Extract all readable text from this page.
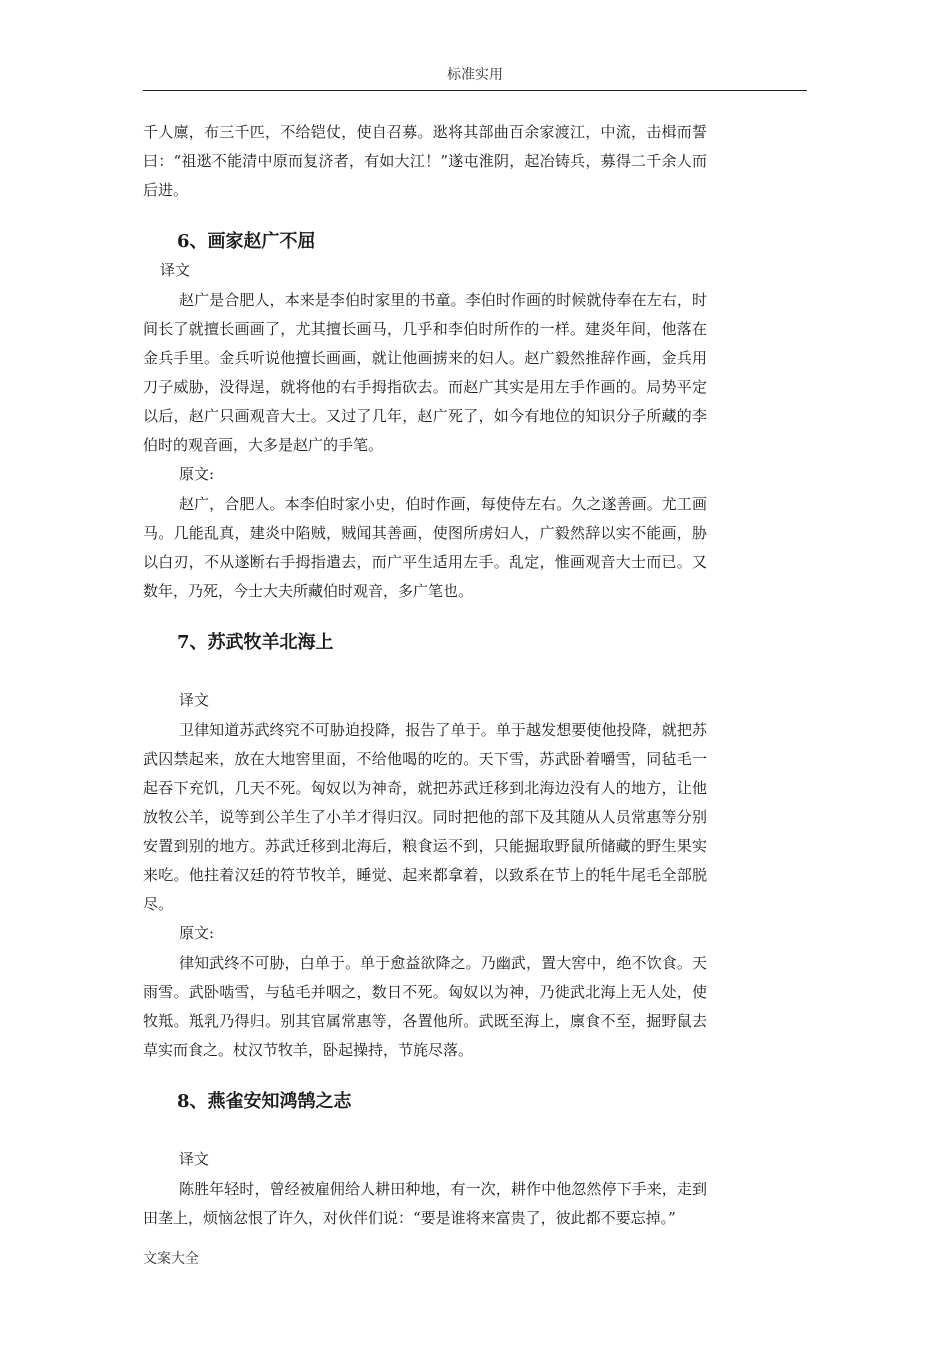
标准实用

千人廪，布三千匹，不给铠仗，使自召募。逖将其部曲百余家渡江，中流，击楫而誓曰：“祖逖不能清中原而复济者，有如大江！”遂屯淮阴，起冶铸兵，募得二千余人而后进。

6、画家赵广不屈

译文

赵广是合肥人，本来是李伯时家里的书童。李伯时作画的时候就侍奉在左右，时间长了就擅长画画了，尤其擅长画马，几乎和李伯时所作的一样。建炎年间，他落在金兵手里。金兵听说他擅长画画，就让他画掳来的妇人。赵广毅然推辞作画，金兵用刀子威胁，没得逞，就将他的右手拇指砍去。而赵广其实是用左手作画的。局势平定以后，赵广只画观音大士。又过了几年，赵广死了，如今有地位的知识分子所藏的李伯时的观音画，大多是赵广的手笔。

原文:

赵广，合肥人。本李伯时家小史，伯时作画，每使侍左右。久之遂善画。尤工画马。几能乱真，建炎中陷贼，贼闻其善画，使图所虏妇人，广毅然辞以实不能画，胁以白刃，不从遂断右手拇指遣去，而广平生适用左手。乱定，惟画观音大士而已。又数年，乃死，今士大夫所藏伯时观音，多广笔也。

7、苏武牧羊北海上

译文

卫律知道苏武终究不可胁迫投降，报告了单于。单于越发想要使他投降，就把苏武囚禁起来，放在大地窖里面，不给他喝的吃的。天下雪，苏武卧着嚼雪，同毡毛一起吞下充饥，几天不死。匈奴以为神奇，就把苏武迁移到北海边没有人的地方，让他放牧公羊，说等到公羊生了小羊才得归汉。同时把他的部下及其随从人员常惠等分别安置到别的地方。苏武迁移到北海后，粮食运不到，只能掘取野鼠所储藏的野生果实来吃。他拄着汉廷的符节牧羊，睡觉、起来都拿着，以致系在节上的牦牛尾毛全部脱尽。

原文:

律知武终不可胁，白单于。单于愈益欲降之。乃幽武，置大窖中，绝不饮食。天雨雪。武卧啮雪，与毡毛并咽之，数日不死。匈奴以为神，乃徙武北海上无人处，使牧羝。羝乳乃得归。别其官属常惠等，各置他所。武既至海上，廪食不至，掘野鼠去草实而食之。杖汉节牧羊，卧起操持，节旄尽落。

8、燕雀安知鸿鹄之志

译文

陈胜年轻时，曾经被雇佣给人耕田种地，有一次，耕作中他忽然停下手来，走到田垄上，烦恼忿恨了许久，对伙伴们说：“要是谁将来富贵了，彼此都不要忘掉。”

文案大全
